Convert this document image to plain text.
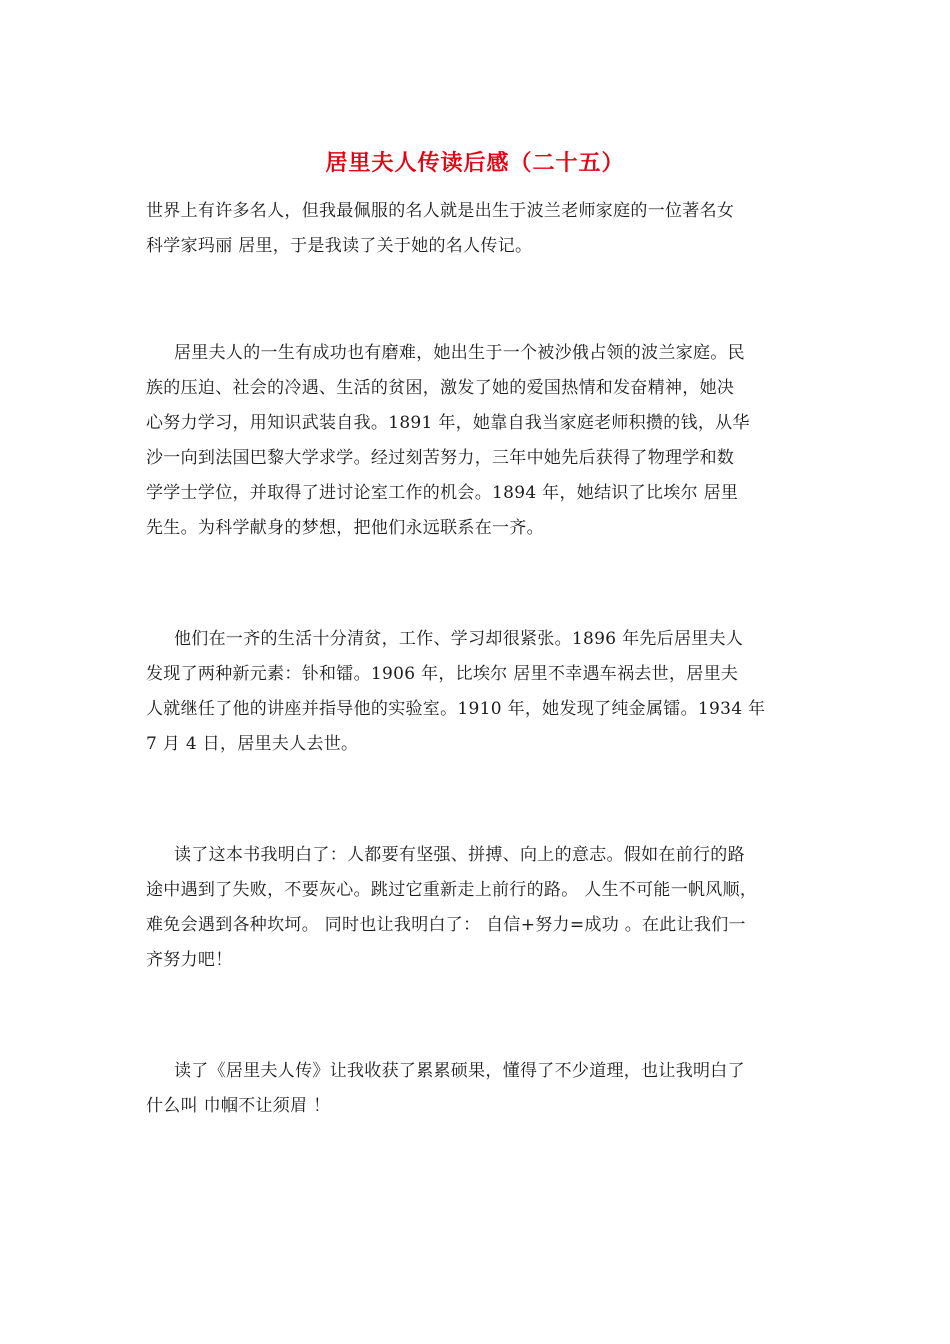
居里夫人传读后感（二十五）
世界上有许多名人，但我最佩服的名人就是出生于波兰老师家庭的一位著名女
科学家玛丽 居里，于是我读了关于她的名人传记。
居里夫人的一生有成功也有磨难，她出生于一个被沙俄占领的波兰家庭。民
族的压迫、社会的冷遇、生活的贫困，激发了她的爱国热情和发奋精神，她决
心努力学习，用知识武装自我。1891 年，她靠自我当家庭老师积攒的钱，从华
沙一向到法国巴黎大学求学。经过刻苦努力，三年中她先后获得了物理学和数
学学士学位，并取得了进讨论室工作的机会。1894 年，她结识了比埃尔 居里
先生。为科学献身的梦想，把他们永远联系在一齐。
他们在一齐的生活十分清贫，工作、学习却很紧张。1896 年先后居里夫人
发现了两种新元素：钋和镭。1906 年，比埃尔 居里不幸遇车祸去世，居里夫
人就继任了他的讲座并指导他的实验室。1910 年，她发现了纯金属镭。1934 年
7 月 4 日，居里夫人去世。
读了这本书我明白了：人都要有坚强、拼搏、向上的意志。假如在前行的路
途中遇到了失败，不要灰心。跳过它重新走上前行的路。 人生不可能一帆风顺，
难免会遇到各种坎坷。 同时也让我明白了： 自信+努力=成功 。在此让我们一
齐努力吧！
读了《居里夫人传》让我收获了累累硕果，懂得了不少道理，也让我明白了
什么叫 巾帼不让须眉 ！
